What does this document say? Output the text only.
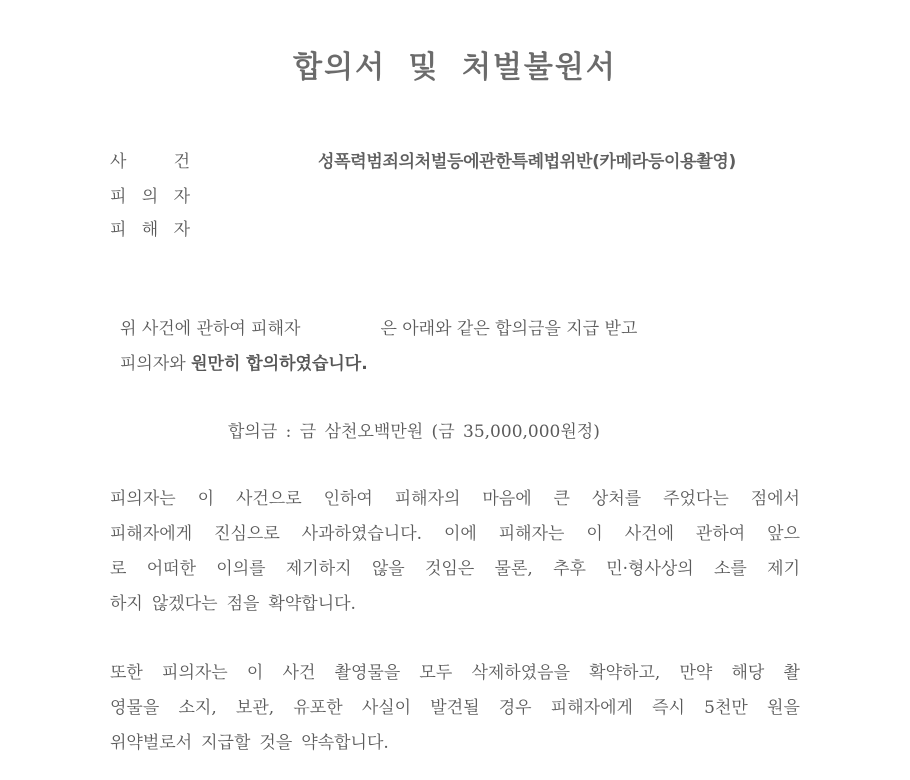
합의서 및 처벌불원서
사	건	성폭력범죄의처벌등에관한특례법위반(카메라등이용촬영)
피 의 자
피 해 자
위 사건에 관하여 피해자	은 아래와 같은 합의금을 지급 받고
피의자와 원만히 합의하였습니다.
합의금 : 금 삼천오백만원 (금 35,000,000원정)
피의자는 이 사건으로 인하여 피해자의 마음에 큰 상처를 주었다는 점에서
피해자에게 진심으로 사과하였습니다. 이에 피해자는 이 사건에 관하여 앞으
로 어떠한 이의를 제기하지 않을 것임은 물론, 추후 민·형사상의 소를 제기
하지 않겠다는 점을 확약합니다.
또한 피의자는 이 사건 촬영물을 모두 삭제하였음을 확약하고, 만약 해당 촬
영물을 소지, 보관, 유포한 사실이 발견될 경우 피해자에게 즉시 5천만 원을
위약벌로서 지급할 것을 약속합니다.
